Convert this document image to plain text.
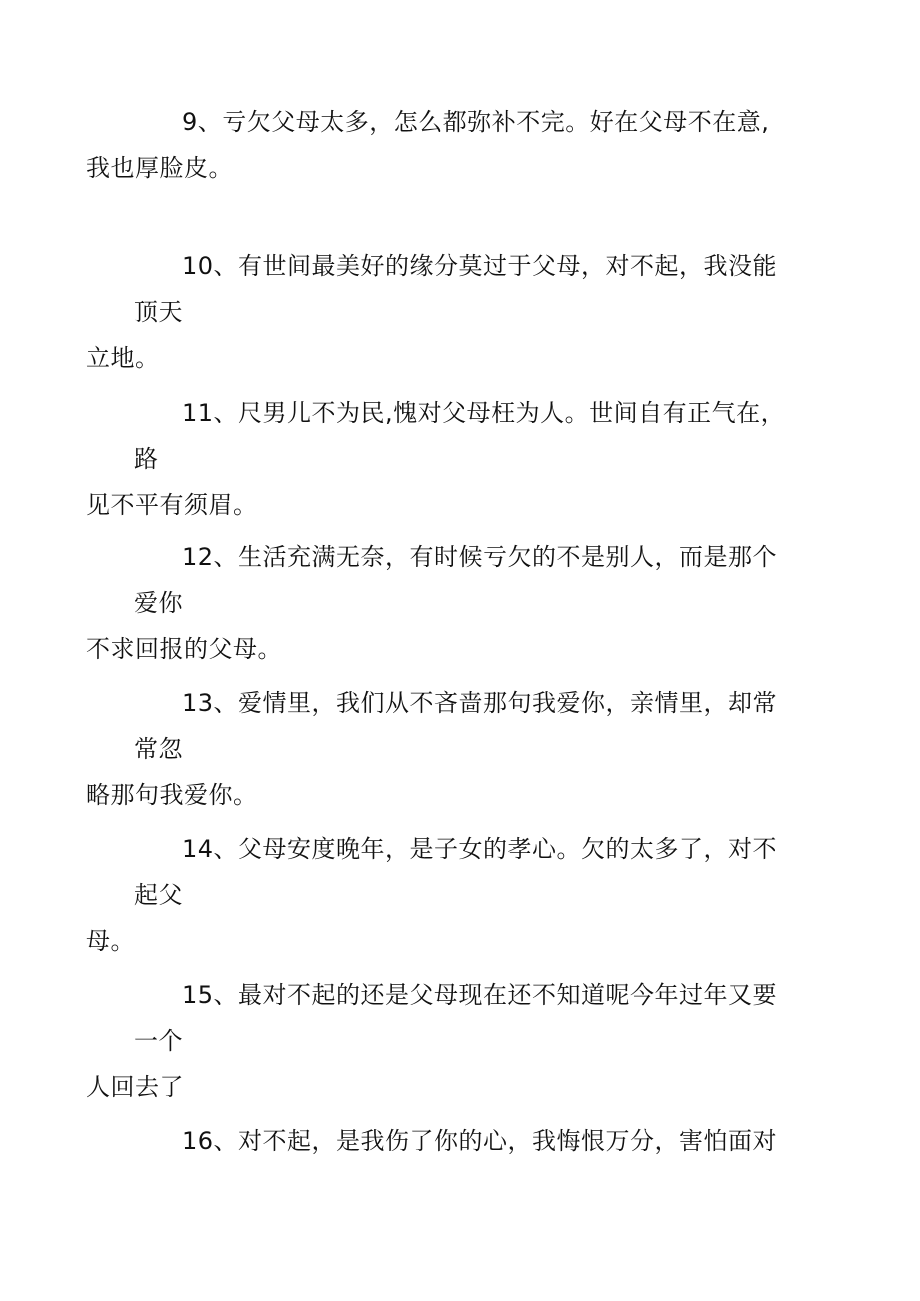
9、亏欠父母太多，怎么都弥补不完。好在父母不在意,
我也厚脸皮。

10、有世间最美好的缘分莫过于父母，对不起，我没能顶天
立地。

11、尺男儿不为民,愧对父母枉为人。世间自有正气在，路
见不平有须眉。

12、生活充满无奈，有时候亏欠的不是别人，而是那个爱你
不求回报的父母。

13、爱情里，我们从不吝啬那句我爱你，亲情里，却常常忽
略那句我爱你。

14、父母安度晚年，是子女的孝心。欠的太多了，对不起父
母。

15、最对不起的还是父母现在还不知道呢今年过年又要一个
人回去了

16、对不起，是我伤了你的心，我悔恨万分，害怕面对
